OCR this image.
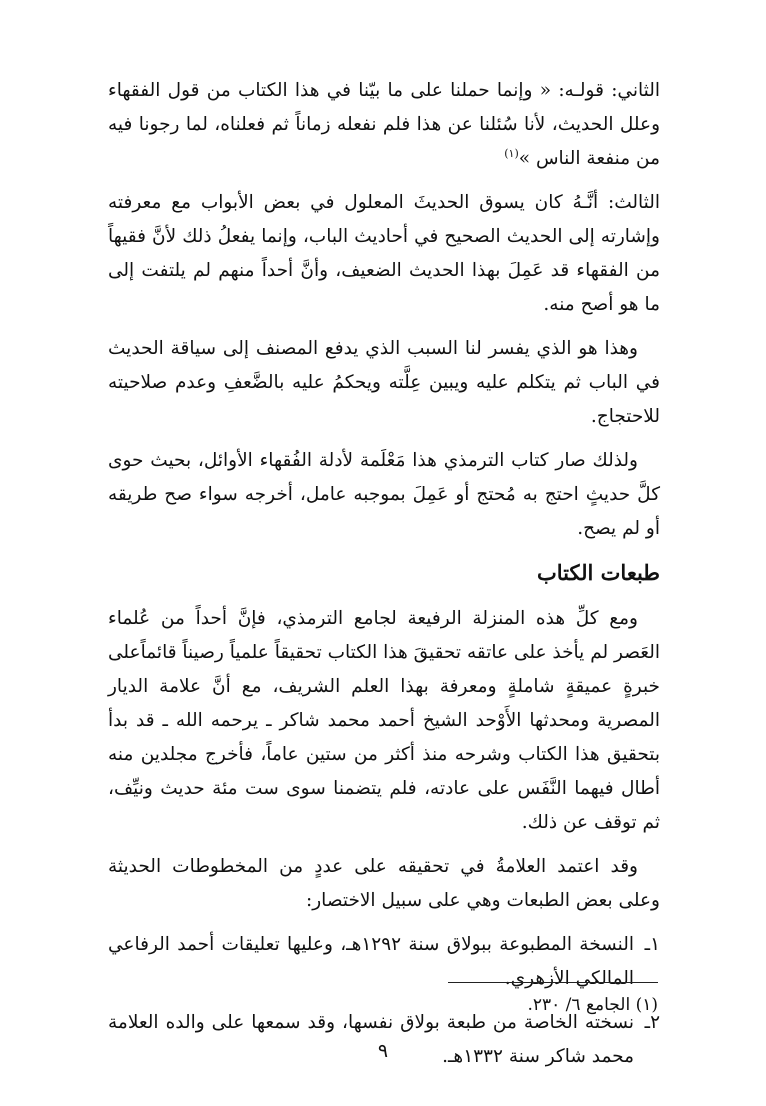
الثاني: قولـه: « وإنما حملنا على ما بيّنا في هذا الكتاب من قول الفقهاء وعلل الحديث، لأنا سُئلنا عن هذا فلم نفعله زماناً ثم فعلناه، لما رجونا فيه من منفعة الناس »$^{(١)}$

الثالث: أنَّـهُ كان يسوق الحديثَ المعلول في بعض الأبواب مع معرفته وإشارته إلى الحديث الصحيح في أحاديث الباب، وإنما يفعلُ ذلك لأنَّ فقيهاً من الفقهاء قد عَمِلَ بهذا الحديث الضعيف، وأنَّ أحداً منهم لم يلتفت إلى ما هو أصح منه.

وهذا هو الذي يفسر لنا السبب الذي يدفع المصنف إلى سياقة الحديث في الباب ثم يتكلم عليه ويبين عِلَّته ويحكمُ عليه بالضَّعفِ وعدم صلاحيته للاحتجاج.

ولذلك صار كتاب الترمذي هذا مَعْلَمة لأدلة الفُقهاء الأوائل، بحيث حوى كلَّ حديثٍ احتج به مُحتج أو عَمِلَ بموجبه عامل، أخرجه سواء صح طريقه أو لم يصح.

طبعات الكتاب

ومع كلِّ هذه المنزلة الرفيعة لجامع الترمذي، فإنَّ أحداً من عُلماء العَصر لم يأخذ على عاتقه تحقيقَ هذا الكتاب تحقيقاً علمياً رصيناً قائماًعلى خبرةٍ عميقةٍ شاملةٍ ومعرفة بهذا العلم الشريف، مع أنَّ علامة الديار المصرية ومحدثها الأَوْحد الشيخ أحمد محمد شاكر ـ يرحمه الله ـ قد بدأ بتحقيق هذا الكتاب وشرحه منذ أكثر من ستين عاماً، فأخرج مجلدين منه أطال فيهما النَّفَس على عادته، فلم يتضمنا سوى ست مئة حديث ونيِّف، ثم توقف عن ذلك.

وقد اعتمد العلامةُ في تحقيقه على عددٍ من المخطوطات الحديثة وعلى بعض الطبعات وهي على سبيل الاختصار:

١ـالنسخة المطبوعة ببولاق سنة ١٢٩٢هـ، وعليها تعليقات أحمد الرفاعي المالكي الأزهري.

٢ـنسخته الخاصة من طبعة بولاق نفسها، وقد سمعها على والده العلامة محمد شاكر سنة ١٣٣٢هـ.

(١) الجامع ٦/ ٢٣٠.
٩
